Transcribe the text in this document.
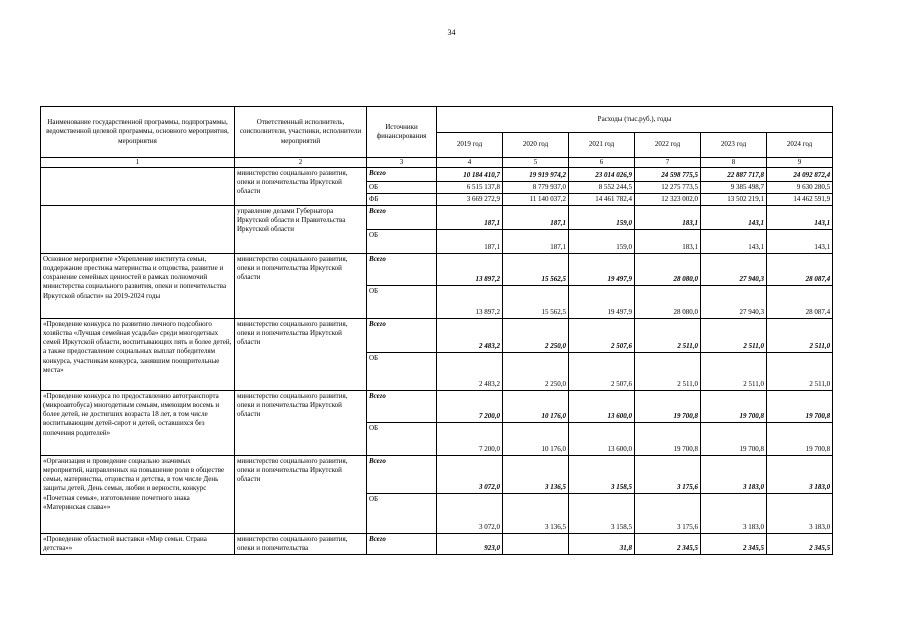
34
Наименование государственной программы, подпрограммы, ведомственной целевой программы, основного мероприятия, мероприятия	Ответственный исполнитель, соисполнители, участники, исполнители мероприятий	Источники финансирования	Расходы (тыс.руб.), годы					
			2019 год	2020 год	2021 год	2022 год	2023 год	2024 год
1	2	3	4	5	6	7	8	9
	министерство социального развития, опеки и попечительства Иркутской области	Всего	10 184 410,7	19 919 974,2	23 014 026,9	24 598 775,5	22 887 717,8	24 092 872,4
		ОБ	6 515 137,8	8 779 937,0	8 552 244,5	12 275 773,5	9 385 498,7	9 630 280,5
		ФБ	3 669 272,9	11 140 037,2	14 461 782,4	12 323 002,0	13 502 219,1	14 462 591,9
	управление делами Губернатора Иркутской области и Правительства Иркутской области	Всего	187,1	187,1	159,0	183,1	143,1	143,1
		ОБ	187,1	187,1	159,0	183,1	143,1	143,1
Основное мероприятие «Укрепление института семьи, поддержание престижа материнства и отцовства, развитие и сохранение семейных ценностей в рамках полномочий министерства социального развития, опеки и попечительства Иркутской области» на 2019-2024 годы	министерство социального развития, опеки и попечительства Иркутской области	Всего	13 897,2	15 562,5	19 497,9	28 080,0	27 940,3	28 087,4
		ОБ	13 897,2	15 562,5	19 497,9	28 080,0	27 940,3	28 087,4
«Проведение конкурса по развитию личного подсобного хозяйства «Лучшая семейная усадьба» среди многодетных семей Иркутской области, воспитывающих пять и более детей, а также предоставление социальных выплат победителям конкурса, участникам конкурса, занявшим поощрительные места»	министерство социального развития, опеки и попечительства Иркутской области	Всего	2 483,2	2 250,0	2 507,6	2 511,0	2 511,0	2 511,0
		ОБ	2 483,2	2 250,0	2 507,6	2 511,0	2 511,0	2 511,0
«Проведение конкурса по предоставлению автотранспорта (микроавтобуса) многодетным семьям, имеющим восемь и более детей, не достигших возраста 18 лет, в том числе воспитывающим детей-сирот и детей, оставшихся без попечения родителей»	министерство социального развития, опеки и попечительства Иркутской области	Всего	7 200,0	10 176,0	13 600,0	19 700,8	19 700,8	19 700,8
		ОБ	7 200,0	10 176,0	13 600,0	19 700,8	19 700,8	19 700,8
«Организация и проведение социально значимых мероприятий, направленных на повышение роли в обществе семьи, материнства, отцовства и детства, в том числе День защиты детей, День семьи, любви и верности, конкурс «Почетная семья», изготовление почетного знака «Материнская слава»»	министерство социального развития, опеки и попечительства Иркутской области	Всего	3 072,0	3 136,5	3 158,5	3 175,6	3 183,0	3 183,0
		ОБ	3 072,0	3 136,5	3 158,5	3 175,6	3 183,0	3 183,0
«Проведение областной выставки «Мир семьи. Страна детства»»	министерство социального развития, опеки и попечительства	Всего	923,0		31,8	2 345,5	2 345,5	2 345,5
